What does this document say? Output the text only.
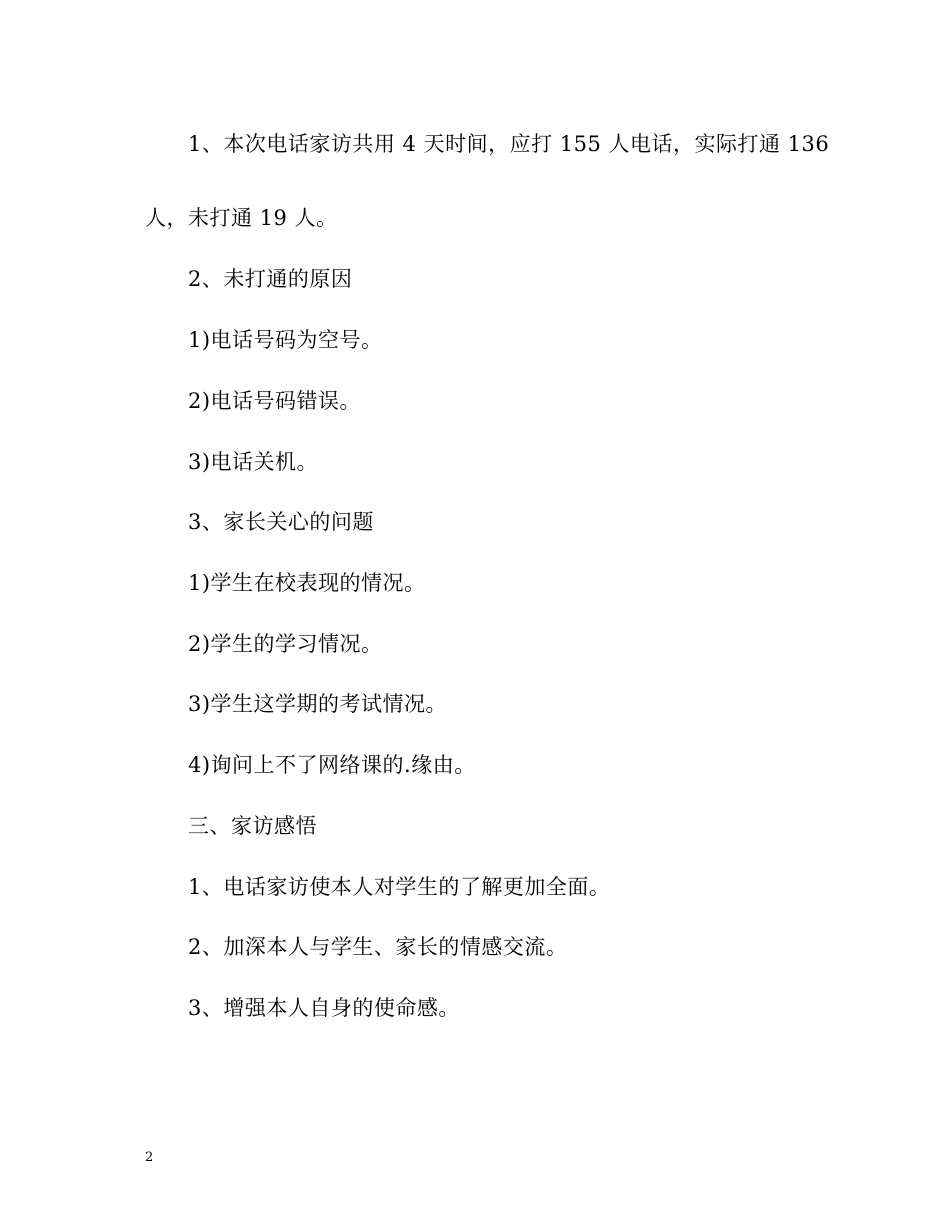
1、本次电话家访共用 4 天时间，应打 155 人电话，实际打通 136
人，未打通 19 人。
2、未打通的原因
1)电话号码为空号。
2)电话号码错误。
3)电话关机。
3、家长关心的问题
1)学生在校表现的情况。
2)学生的学习情况。
3)学生这学期的考试情况。
4)询问上不了网络课的.缘由。
三、家访感悟
1、电话家访使本人对学生的了解更加全面。
2、加深本人与学生、家长的情感交流。
3、增强本人自身的使命感。
2
